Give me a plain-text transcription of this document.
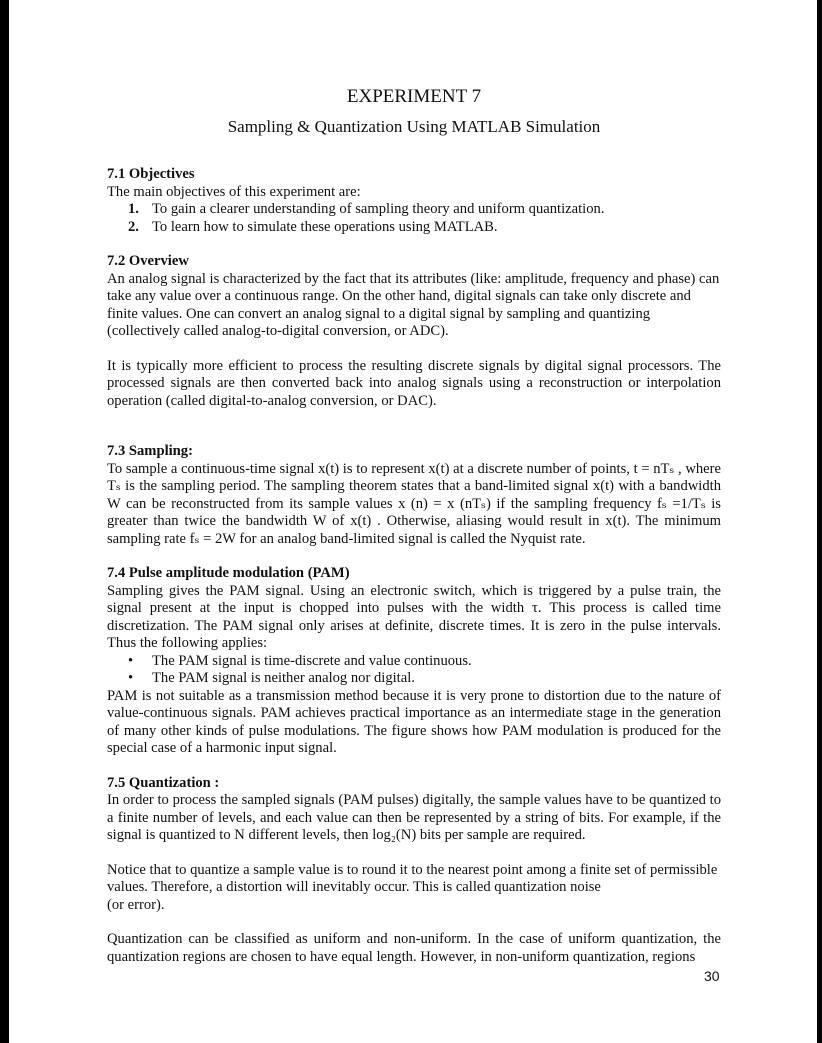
EXPERIMENT 7
Sampling & Quantization Using MATLAB Simulation
7.1 Objectives

The main objectives of this experiment are:

1. To gain a clearer understanding of sampling theory and uniform quantization.
2. To learn how to simulate these operations using MATLAB.
7.2 Overview

An analog signal is characterized by the fact that its attributes (like: amplitude, frequency and phase) can take any value over a continuous range. On the other hand, digital signals can take only discrete and finite values. One can convert an analog signal to a digital signal by sampling and quantizing (collectively called analog-to-digital conversion, or ADC).

It is typically more efficient to process the resulting discrete signals by digital signal processors. The processed signals are then converted back into analog signals using a reconstruction or interpolation operation (called digital-to-analog conversion, or DAC).

7.3 Sampling:

To sample a continuous-time signal x(t) is to represent x(t) at a discrete number of points, t = nTₛ , where Tₛ is the sampling period. The sampling theorem states that a band-limited signal x(t) with a bandwidth W can be reconstructed from its sample values x (n) = x (nTₛ) if the sampling frequency fₛ =1/Tₛ is greater than twice the bandwidth W of x(t) . Otherwise, aliasing would result in x(t). The minimum sampling rate fₛ = 2W for an analog band-limited signal is called the Nyquist rate.

7.4 Pulse amplitude modulation (PAM)

Sampling gives the PAM signal. Using an electronic switch, which is triggered by a pulse train, the signal present at the input is chopped into pulses with the width τ. This process is called time discretization. The PAM signal only arises at definite, discrete times. It is zero in the pulse intervals. Thus the following applies:

•	The PAM signal is time-discrete and value continuous.
•	The PAM signal is neither analog nor digital.

PAM is not suitable as a transmission method because it is very prone to distortion due to the nature of value-continuous signals. PAM achieves practical importance as an intermediate stage in the generation of many other kinds of pulse modulations. The figure shows how PAM modulation is produced for the special case of a harmonic input signal.

7.5 Quantization :

In order to process the sampled signals (PAM pulses) digitally, the sample values have to be quantized to a finite number of levels, and each value can then be represented by a string of bits. For example, if the signal is quantized to N different levels, then log₂(N) bits per sample are required.

Notice that to quantize a sample value is to round it to the nearest point among a finite set of permissible values. Therefore, a distortion will inevitably occur. This is called quantization noise

(or error).

Quantization can be classified as uniform and non-uniform. In the case of uniform quantization, the quantization regions are chosen to have equal length. However, in non-uniform quantization, regions

30
